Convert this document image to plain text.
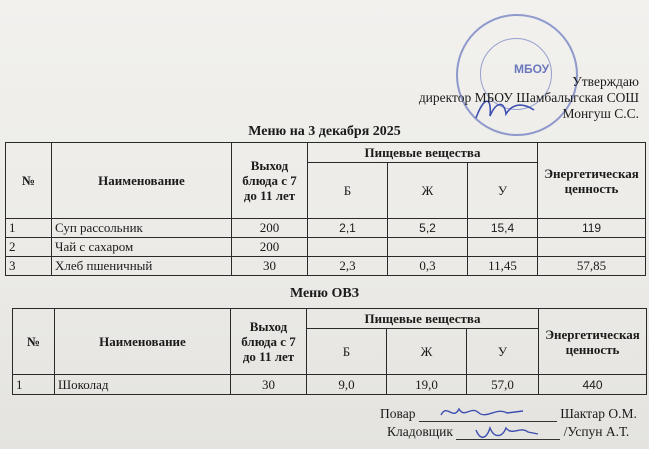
МБОУ
Утверждаю
директор МБОУ Шамбалыгская СОШ
Монгуш С.С.
Меню на 3 декабря 2025
№	Наименование	Выход блюда с 7 до 11 лет	Пищевые вещества			Энергетическая ценность
			Б	Ж	У	
1	Суп рассольник	200	2,1	5,2	15,4	119
2	Чай с сахаром	200				
3	Хлеб пшеничный	30	2,3	0,3	11,45	57,85
Меню ОВЗ
№	Наименование	Выход блюда с 7 до 11 лет	Пищевые вещества			Энергетическая ценность
			Б	Ж	У	
1	Шоколад	30	9,0	19,0	57,0	440
Повар	Шактар О.М.
Кладовщик	/Успун А.Т.
